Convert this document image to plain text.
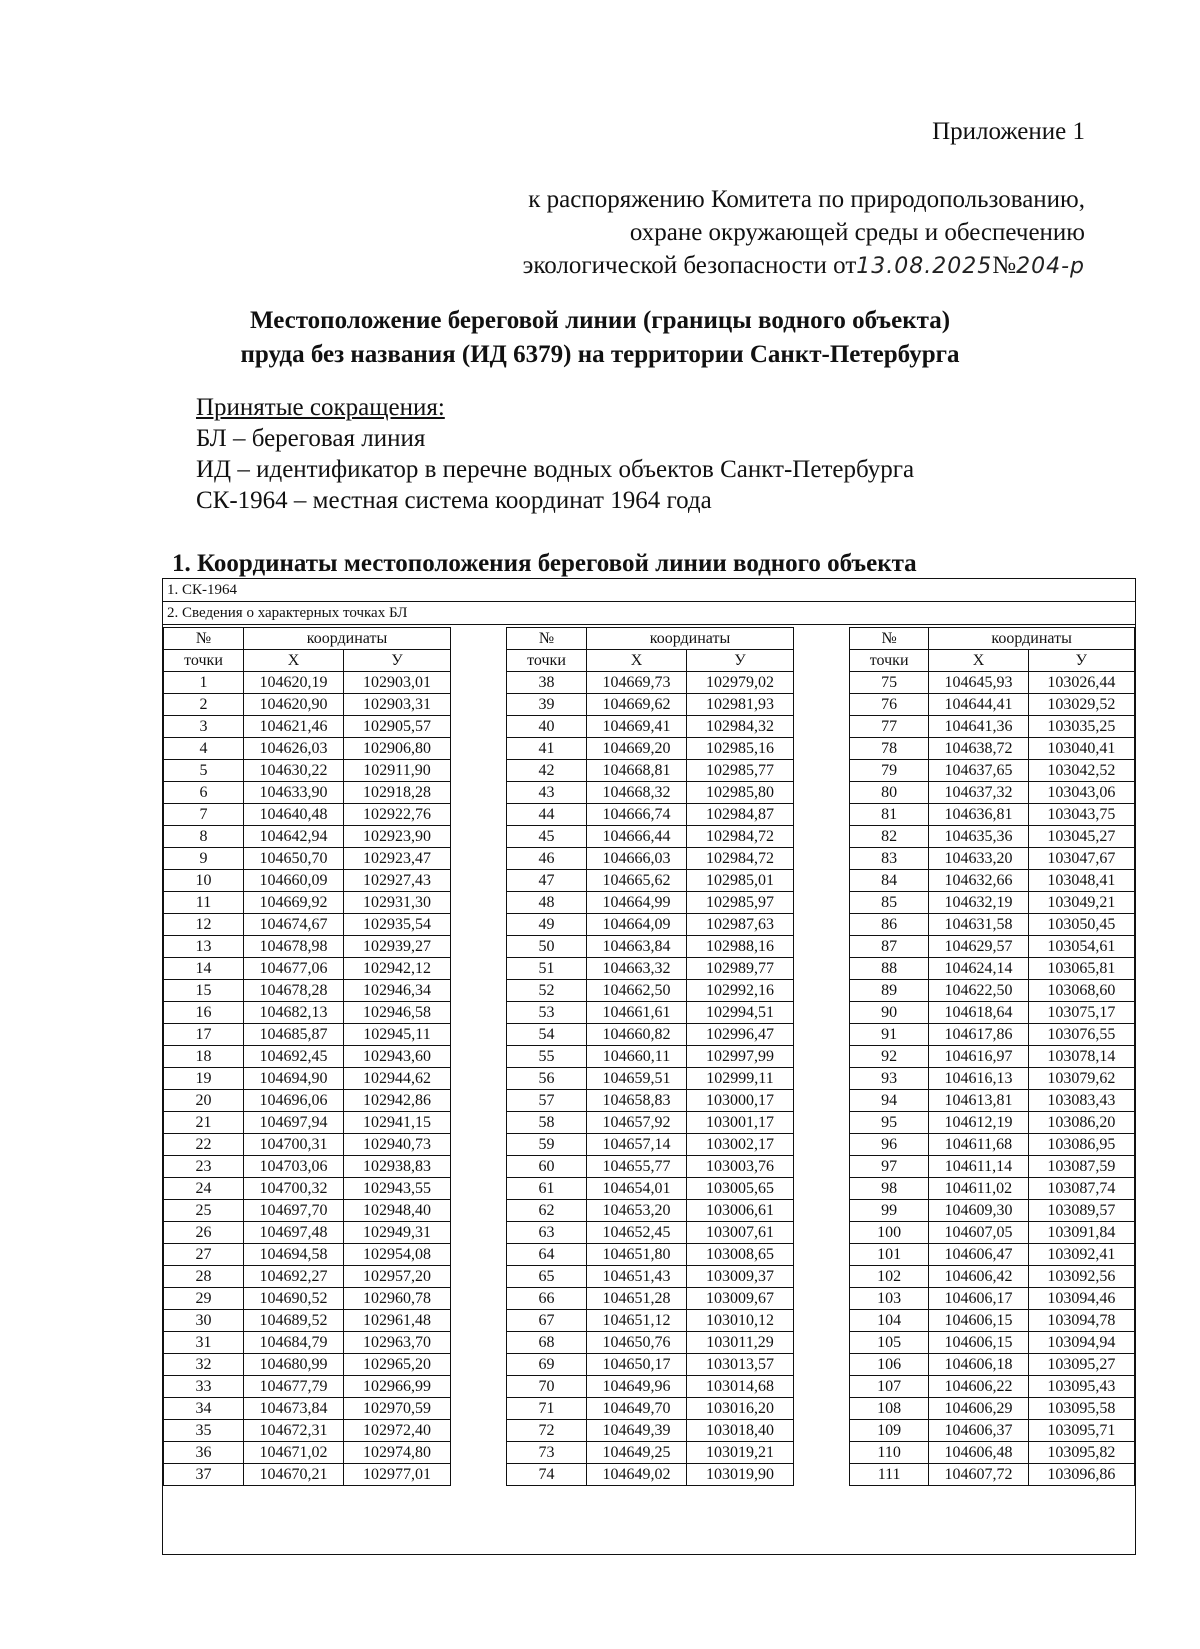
Приложение 1
к распоряжению Комитета по природопользованию,
охране окружающей среды и обеспечению
экологической безопасности от13.08.2025№204-р
Местоположение береговой линии (границы водного объекта)
пруда без названия (ИД 6379) на территории Санкт-Петербурга
Принятые сокращения:
БЛ – береговая линия
ИД – идентификатор в перечне водных объектов Санкт-Петербурга
СК-1964 – местная система координат 1964 года
1. Координаты местоположения береговой линии водного объекта
1. СК-1964
2. Сведения о характерных точках БЛ
№	координаты		
точки	X	У	
1	104620,19	102903,01	
2	104620,90	102903,31	
3	104621,46	102905,57	
4	104626,03	102906,80	
5	104630,22	102911,90	
6	104633,90	102918,28	
7	104640,48	102922,76	
8	104642,94	102923,90	
9	104650,70	102923,47	
10	104660,09	102927,43	
11	104669,92	102931,30	
12	104674,67	102935,54	
13	104678,98	102939,27	
14	104677,06	102942,12	
15	104678,28	102946,34	
16	104682,13	102946,58	
17	104685,87	102945,11	
18	104692,45	102943,60	
19	104694,90	102944,62	
20	104696,06	102942,86	
21	104697,94	102941,15	
22	104700,31	102940,73	
23	104703,06	102938,83	
24	104700,32	102943,55	
25	104697,70	102948,40	
26	104697,48	102949,31	
27	104694,58	102954,08	
28	104692,27	102957,20	
29	104690,52	102960,78	
30	104689,52	102961,48	
31	104684,79	102963,70	
32	104680,99	102965,20	
33	104677,79	102966,99	
34	104673,84	102970,59	
35	104672,31	102972,40	
36	104671,02	102974,80	
37	104670,21	102977,01	
№	координаты		
точки	X	У	
38	104669,73	102979,02	
39	104669,62	102981,93	
40	104669,41	102984,32	
41	104669,20	102985,16	
42	104668,81	102985,77	
43	104668,32	102985,80	
44	104666,74	102984,87	
45	104666,44	102984,72	
46	104666,03	102984,72	
47	104665,62	102985,01	
48	104664,99	102985,97	
49	104664,09	102987,63	
50	104663,84	102988,16	
51	104663,32	102989,77	
52	104662,50	102992,16	
53	104661,61	102994,51	
54	104660,82	102996,47	
55	104660,11	102997,99	
56	104659,51	102999,11	
57	104658,83	103000,17	
58	104657,92	103001,17	
59	104657,14	103002,17	
60	104655,77	103003,76	
61	104654,01	103005,65	
62	104653,20	103006,61	
63	104652,45	103007,61	
64	104651,80	103008,65	
65	104651,43	103009,37	
66	104651,28	103009,67	
67	104651,12	103010,12	
68	104650,76	103011,29	
69	104650,17	103013,57	
70	104649,96	103014,68	
71	104649,70	103016,20	
72	104649,39	103018,40	
73	104649,25	103019,21	
74	104649,02	103019,90	
№	координаты	
точки	X	У
75	104645,93	103026,44
76	104644,41	103029,52
77	104641,36	103035,25
78	104638,72	103040,41
79	104637,65	103042,52
80	104637,32	103043,06
81	104636,81	103043,75
82	104635,36	103045,27
83	104633,20	103047,67
84	104632,66	103048,41
85	104632,19	103049,21
86	104631,58	103050,45
87	104629,57	103054,61
88	104624,14	103065,81
89	104622,50	103068,60
90	104618,64	103075,17
91	104617,86	103076,55
92	104616,97	103078,14
93	104616,13	103079,62
94	104613,81	103083,43
95	104612,19	103086,20
96	104611,68	103086,95
97	104611,14	103087,59
98	104611,02	103087,74
99	104609,30	103089,57
100	104607,05	103091,84
101	104606,47	103092,41
102	104606,42	103092,56
103	104606,17	103094,46
104	104606,15	103094,78
105	104606,15	103094,94
106	104606,18	103095,27
107	104606,22	103095,43
108	104606,29	103095,58
109	104606,37	103095,71
110	104606,48	103095,82
111	104607,72	103096,86
